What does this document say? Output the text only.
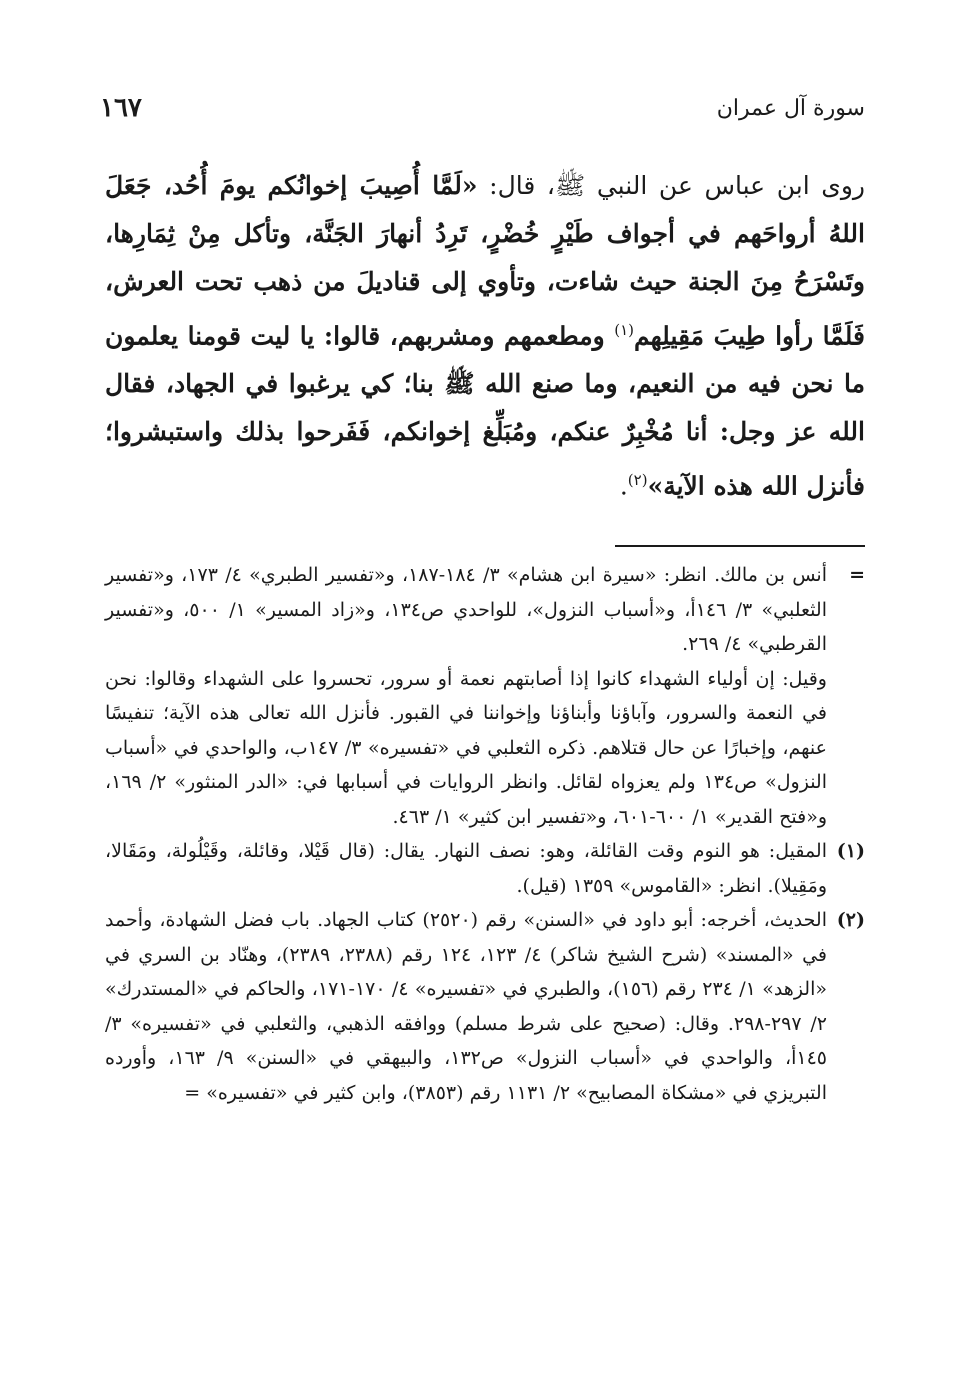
سورة آل عمران
١٦٧
روى ابن عباس عن النبي ﷺ، قال: «لَمَّا أُصِيبَ إخوانُكم يومَ أُحُد، جَعَلَ اللهُ أرواحَهم في أجواف طَيْرٍ خُضْرٍ، تَرِدُ أنهارَ الجَنَّة، وتأكل مِنْ ثِمَارِها، وتَسْرَحُ مِنَ الجنة حيث شاءت، وتأوي إلى قناديلَ من ذهب تحت العرش، فَلَمَّا رأوا طِيبَ مَقِيلِهم$^{(١)}$ ومطعمهم ومشربهم، قالوا: يا ليت قومنا يعلمون ما نحن فيه من النعيم، وما صنع الله ﷺ بنا؛ كي يرغبوا في الجهاد، فقال الله عز وجل: أنا مُخْبِرٌ عنكم، ومُبَلِّغ إخوانكم، فَفَرحوا بذلك واستبشروا؛ فأنزل الله هذه الآية»$^{(٢)}$.
=
أنس بن مالك. انظر: «سيرة ابن هشام» ٣/ ١٨٤-١٨٧، و«تفسير الطبري» ٤/ ١٧٣، و«تفسير الثعلبي» ٣/ ١٤٦أ، و«أسباب النزول»، للواحدي ص١٣٤، و«زاد المسير» ١/ ٥٠٠، و«تفسير القرطبي» ٤/ ٢٦٩.
وقيل: إن أولياء الشهداء كانوا إذا أصابتهم نعمة أو سرور، تحسروا على الشهداء وقالوا: نحن في النعمة والسرور، وآباؤنا وأبناؤنا وإخواننا في القبور. فأنزل الله تعالى هذه الآية؛ تنفيسًا عنهم، وإخبارًا عن حال قتلاهم. ذكره الثعلبي في «تفسيره» ٣/ ١٤٧ب، والواحدي في «أسباب النزول» ص١٣٤ ولم يعزواه لقائل. وانظر الروايات في أسبابها في: «الدر المنثور» ٢/ ١٦٩، و«فتح القدير» ١/ ٦٠٠-٦٠١، و«تفسير ابن كثير» ١/ ٤٦٣.
(١)
المقيل: هو النوم وقت القائلة، وهو: نصف النهار. يقال: (قال قَيْلا، وقائلة، وقَيْلُولة، ومَقَالا، ومَقِيلا). انظر: «القاموس» ١٣٥٩ (قيل).
(٢)
الحديث، أخرجه: أبو داود في «السنن» رقم (٢٥٢٠) كتاب الجهاد. باب فضل الشهادة، وأحمد في «المسند» (شرح الشيخ شاكر) ٤/ ١٢٣، ١٢٤ رقم (٢٣٨٨، ٢٣٨٩)، وهنّاد بن السري في «الزهد» ١/ ٢٣٤ رقم (١٥٦)، والطبري في «تفسيره» ٤/ ١٧٠-١٧١، والحاكم في «المستدرك» ٢/ ٢٩٧-٢٩٨. وقال: (صحيح على شرط مسلم) ووافقه الذهبي، والثعلبي في «تفسيره» ٣/ ١٤٥أ، والواحدي في «أسباب النزول» ص١٣٢، والبيهقي في «السنن» ٩/ ١٦٣، وأورده التبريزي في «مشكاة المصابيح» ٢/ ١١٣١ رقم (٣٨٥٣)، وابن كثير في «تفسيره» =
